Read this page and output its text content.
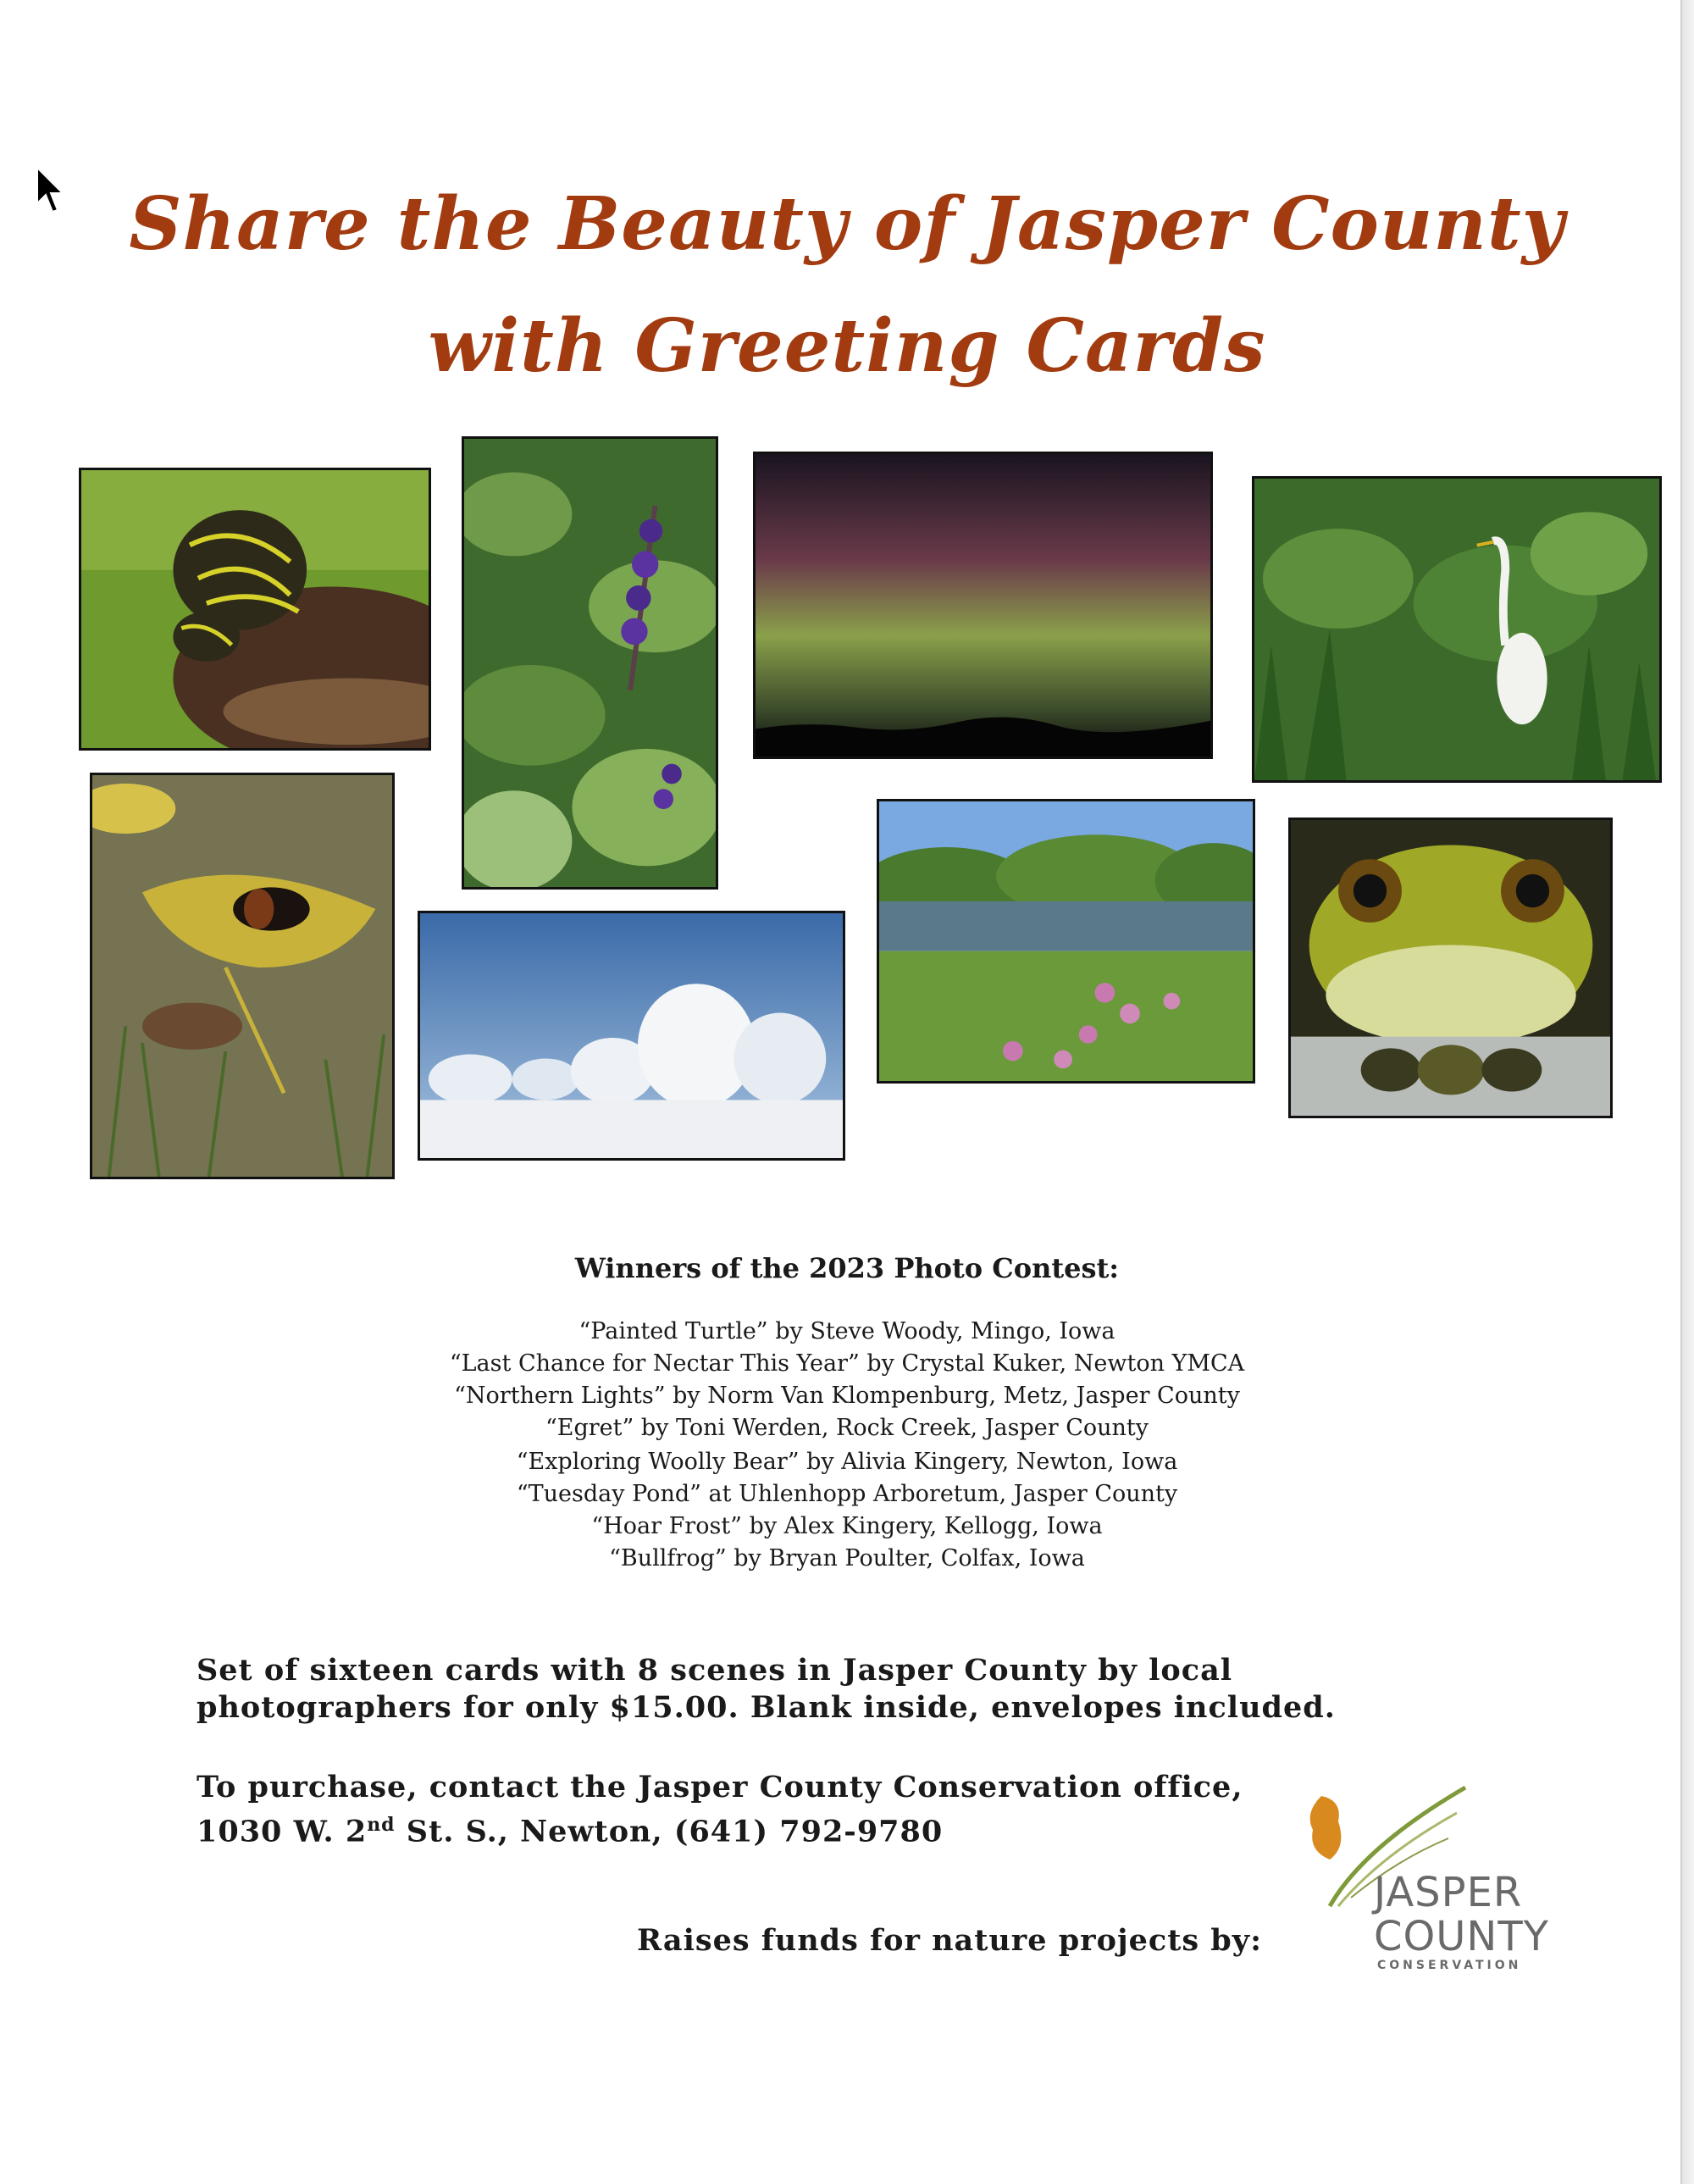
Share the Beauty of Jasper County
with Greeting Cards
Winners of the 2023 Photo Contest:
“Painted Turtle” by Steve Woody, Mingo, Iowa
“Last Chance for Nectar This Year” by Crystal Kuker, Newton YMCA
“Northern Lights” by Norm Van Klompenburg, Metz, Jasper County
“Egret” by Toni Werden, Rock Creek, Jasper County
“Exploring Woolly Bear” by Alivia Kingery, Newton, Iowa
“Tuesday Pond” at Uhlenhopp Arboretum, Jasper County
“Hoar Frost” by Alex Kingery, Kellogg, Iowa
“Bullfrog” by Bryan Poulter, Colfax, Iowa
Set of sixteen cards with 8 scenes in Jasper County by local
photographers for only $15.00. Blank inside, envelopes included.
To purchase, contact the Jasper County Conservation office,
1030 W. 2nd St. S., Newton, (641) 792-9780
Raises funds for nature projects by:
JASPER
COUNTY
CONSERVATION
